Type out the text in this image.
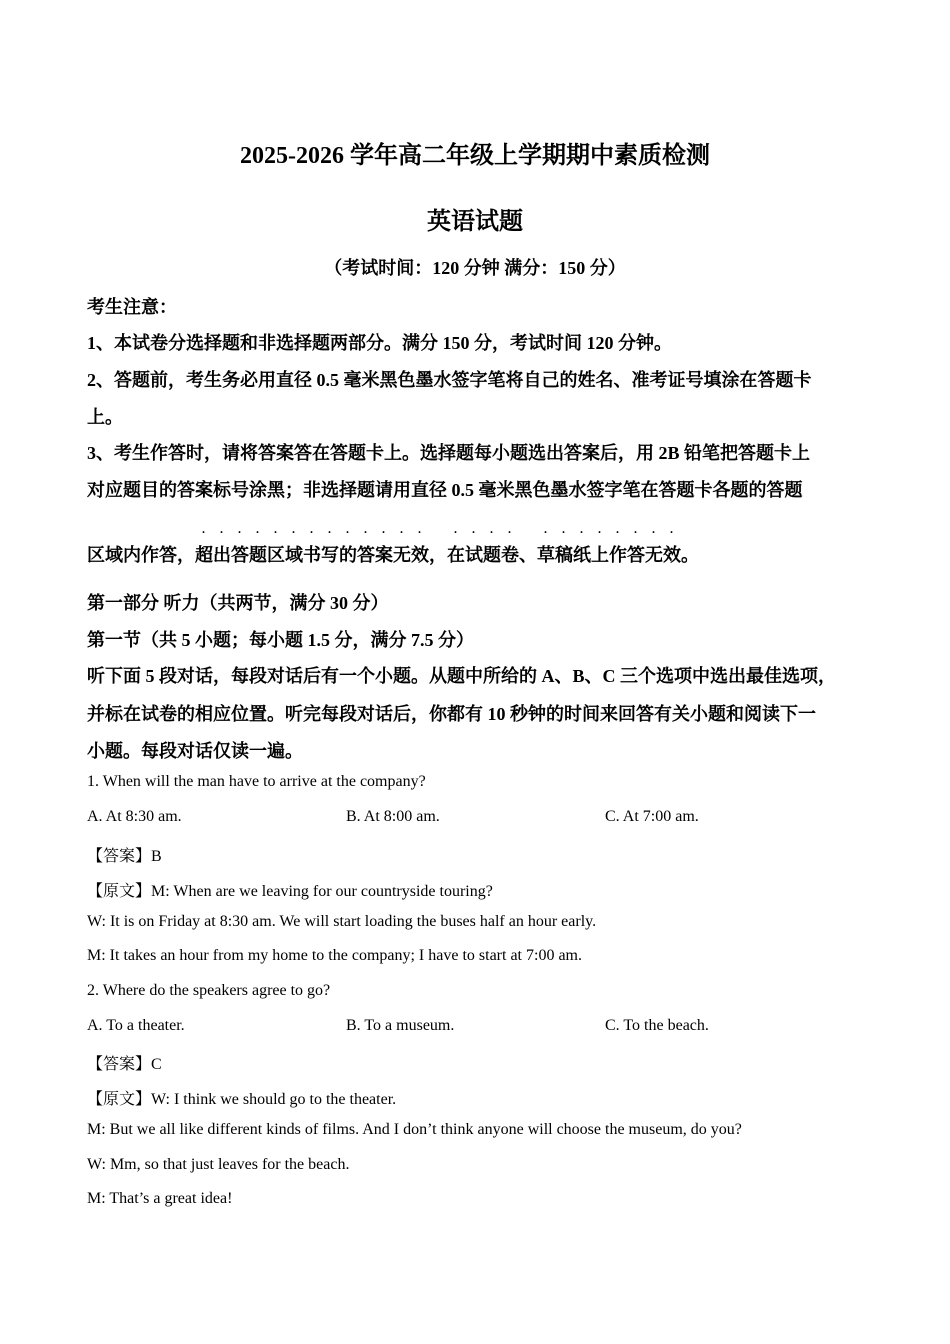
2025-2026 学年高二年级上学期期中素质检测
英语试题
（考试时间：120 分钟 满分：150 分）
考生注意：
1、本试卷分选择题和非选择题两部分。满分 150 分，考试时间 120 分钟。
2、答题前，考生务必用直径 0.5 毫米黑色墨水签字笔将自己的姓名、准考证号填涂在答题卡
上。
3、考生作答时，请将答案答在答题卡上。选择题每小题选出答案后，用 2B 铅笔把答题卡上
对应题目的答案标号涂黑；非选择题请用直径 0.5 毫米黑色墨水签字笔在答题卡各题的答题
区域内作答，超
.
出
.
答
.
题
.
区
.
域
.
书
.
写
.
的
.
答
.
案
.
无
.
效
.
，在
.
试
.
题
.
卷
.
、草
.
稿
.
纸
.
上
.
作
.
答
.
无
.
效
.
。
第一部分 听力（共两节，满分 30 分）
第一节（共 5 小题；每小题 1.5 分，满分 7.5 分）
听下面 5 段对话，每段对话后有一个小题。从题中所给的 A、B、C 三个选项中选出最佳选项，
并标在试卷的相应位置。听完每段对话后，你都有 10 秒钟的时间来回答有关小题和阅读下一
小题。每段对话仅读一遍。
1. When will the man have to arrive at the company?
A. At 8:30 am.	B. At 8:00 am.	C. At 7:00 am.
【答案】B
【原文】M: When are we leaving for our countryside touring?
W: It is on Friday at 8:30 am. We will start loading the buses half an hour early.
M: It takes an hour from my home to the company; I have to start at 7:00 am.
2. Where do the speakers agree to go?
A. To a theater.	B. To a museum.	C. To the beach.
【答案】C
【原文】W: I think we should go to the theater.
M: But we all like different kinds of films. And I don’t think anyone will choose the museum, do you?
W: Mm, so that just leaves for the beach.
M: That’s a great idea!
